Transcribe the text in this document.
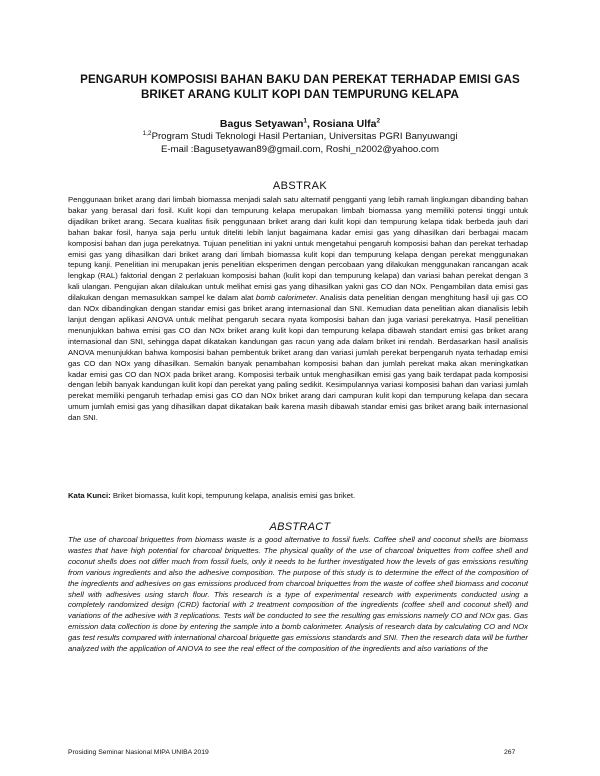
PENGARUH KOMPOSISI BAHAN BAKU DAN PEREKAT TERHADAP EMISI GAS
BRIKET ARANG KULIT KOPI DAN TEMPURUNG KELAPA
Bagus Setyawan$^1$, Rosiana Ulfa$^2$
$^{1,2}$Program Studi Teknologi Hasil Pertanian, Universitas PGRI Banyuwangi
E-mail :Bagusetyawan89@gmail.com, Roshi_n2002@yahoo.com
ABSTRAK
Penggunaan briket arang dari limbah biomassa menjadi salah satu alternatif pengganti yang lebih ramah lingkungan dibanding bahan bakar yang berasal dari fosil. Kulit kopi dan tempurung kelapa merupakan limbah biomassa yang memiliki potensi tinggi untuk dijadikan briket arang. Secara kualitas fisik penggunaan briket arang dari kulit kopi dan tempurung kelapa tidak berbeda jauh dari bahan bakar fosil, hanya saja perlu untuk diteliti lebih lanjut bagaimana kadar emisi gas yang dihasilkan dari berbagai macam komposisi bahan dan juga perekatnya. Tujuan penelitian ini yakni untuk mengetahui pengaruh komposisi bahan dan perekat terhadap emisi gas yang dihasilkan dari briket arang dari limbah biomassa kulit kopi dan tempurung kelapa dengan perekat menggunakan tepung kanji. Penelitian ini merupakan jenis penelitian eksperimen dengan percobaan yang dilakukan menggunakan rancangan acak lengkap (RAL) faktorial dengan 2 perlakuan komposisi bahan (kulit kopi dan tempurung kelapa) dan variasi bahan perekat dengan 3 kali ulangan. Pengujian akan dilakukan untuk melihat emisi gas yang dihasilkan yakni gas CO dan NOx. Pengambilan data emisi gas dilakukan dengan memasukkan sampel ke dalam alat bomb calorimeter. Analisis data penelitian dengan menghitung hasil uji gas CO dan NOx dibandingkan dengan standar emisi gas briket arang internasional dan SNI. Kemudian data penelitian akan dianalisis lebih lanjut dengan aplikasi ANOVA untuk melihat pengaruh secara nyata komposisi bahan dan juga variasi perekatnya. Hasil penelitian menunjukkan bahwa emisi gas CO dan NOx briket arang kulit kopi dan tempurung kelapa dibawah standart emisi gas briket arang internasional dan SNI, sehingga dapat dikatakan kandungan gas racun yang ada dalam briket ini rendah. Berdasarkan hasil analisis ANOVA menunjukkan bahwa komposisi bahan pembentuk briket arang dan variasi jumlah perekat berpengaruh nyata terhadap emisi gas CO dan NOx yang dihasilkan. Semakin banyak penambahan komposisi bahan dan jumlah perekat maka akan meningkatkan kadar emisi gas CO dan NOX pada briket arang. Komposisi terbaik untuk menghasilkan emisi gas yang baik terdapat pada komposisi dengan lebih banyak kandungan kulit kopi dan perekat yang paling sedikit. Kesimpulannya variasi komposisi bahan dan variasi jumlah perekat memiliki pengaruh terhadap emisi gas CO dan NOx briket arang dari campuran kulit kopi dan tempurung kelapa dan secara umum jumlah emisi gas yang dihasilkan dapat dikatakan baik karena masih dibawah standar emisi gas briket arang baik internasional dan SNI.
Kata Kunci: Briket biomassa, kulit kopi, tempurung kelapa, analisis emisi gas briket.
ABSTRACT
The use of charcoal briquettes from biomass waste is a good alternative to fossil fuels. Coffee shell and coconut shells are biomass wastes that have high potential for charcoal briquettes. The physical quality of the use of charcoal briquettes from coffee shell and coconut shells does not differ much from fossil fuels, only it needs to be further investigated how the levels of gas emissions resulting from various ingredients and also the adhesive composition. The purpose of this study is to determine the effect of the composition of the ingredients and adhesives on gas emissions produced from charcoal briquettes from the waste of coffee shell biomass and coconut shell with adhesives using starch flour. This research is a type of experimental research with experiments conducted using a completely randomized design (CRD) factorial with 2 treatment composition of the ingredients (coffee shell and coconut shell) and variations of the adhesive with 3 replications. Tests will be conducted to see the resulting gas emissions namely CO and NOx gas. Gas emission data collection is done by entering the sample into a bomb calorimeter. Analysis of research data by calculating CO and NOx gas test results compared with international charcoal briquette gas emissions standards and SNI. Then the research data will be further analyzed with the application of ANOVA to see the real effect of the composition of the ingredients and also variations of the
Prosiding Seminar Nasional MIPA UNIBA 2019	267
